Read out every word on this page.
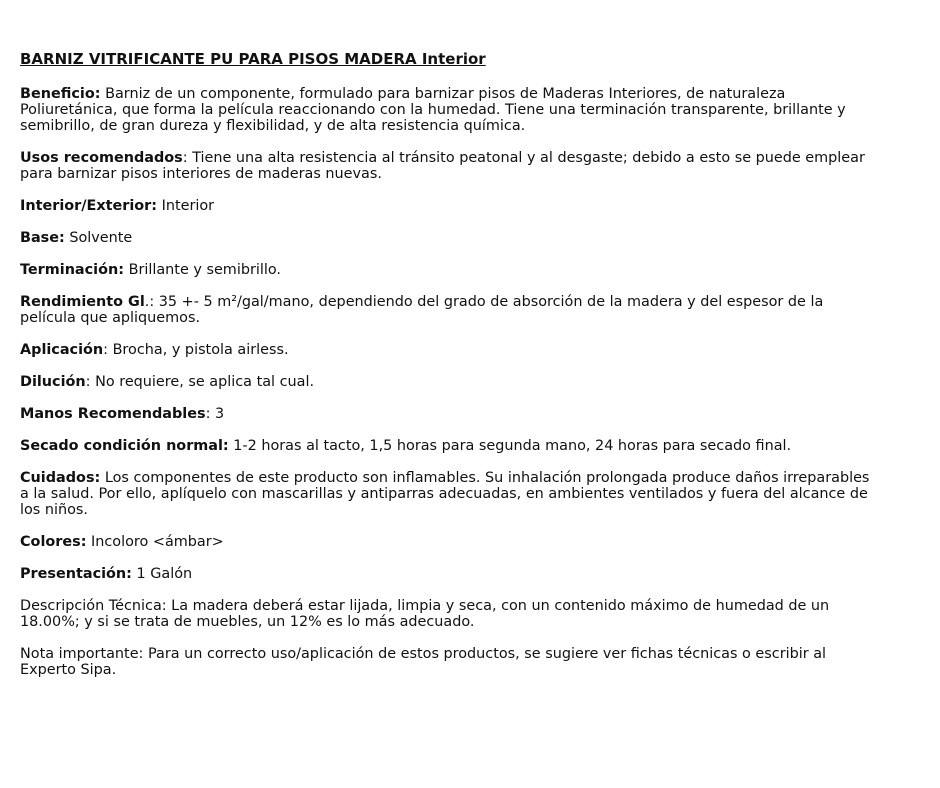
BARNIZ VITRIFICANTE PU PARA PISOS MADERA Interior
Beneficio: Barniz de un componente, formulado para barnizar pisos de Maderas Interiores, de naturaleza Poliuretánica, que forma la película reaccionando con la humedad. Tiene una terminación transparente, brillante y semibrillo, de gran dureza y flexibilidad, y de alta resistencia química.
Usos recomendados: Tiene una alta resistencia al tránsito peatonal y al desgaste; debido a esto se puede emplear para barnizar pisos interiores de maderas nuevas.
Interior/Exterior: Interior
Base: Solvente
Terminación: Brillante y semibrillo.
Rendimiento Gl.: 35 +- 5 m²/gal/mano, dependiendo del grado de absorción de la madera y del espesor de la película que apliquemos.
Aplicación: Brocha, y pistola airless.
Dilución: No requiere, se aplica tal cual.
Manos Recomendables: 3
Secado condición normal: 1-2 horas al tacto, 1,5 horas para segunda mano, 24 horas para secado final.
Cuidados: Los componentes de este producto son inflamables. Su inhalación prolongada produce daños irreparables a la salud. Por ello, aplíquelo con mascarillas y antiparras adecuadas, en ambientes ventilados y fuera del alcance de los niños.
Colores: Incoloro <ámbar>
Presentación: 1 Galón
Descripción Técnica: La madera deberá estar lijada, limpia y seca, con un contenido máximo de humedad de un 18.00%; y si se trata de muebles, un 12% es lo más adecuado.
Nota importante: Para un correcto uso/aplicación de estos productos, se sugiere ver fichas técnicas o escribir al Experto Sipa.
